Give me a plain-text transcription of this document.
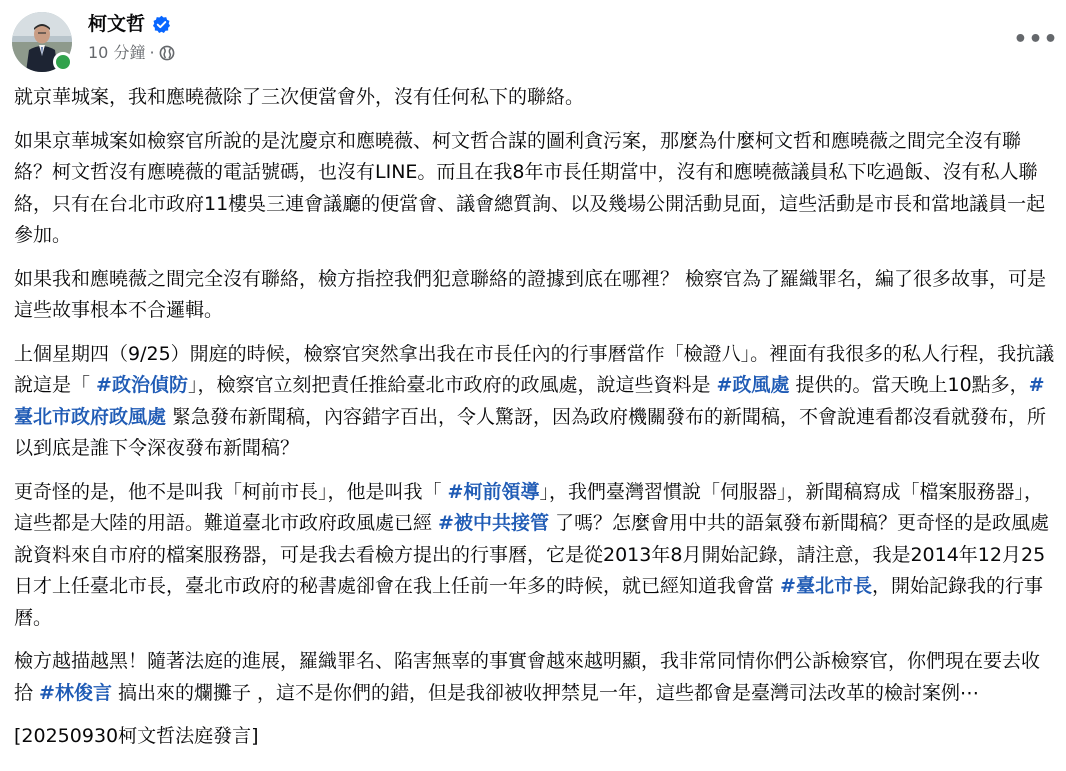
柯文哲
10 分鐘 ·
•••

就京華城案，我和應曉薇除了三次便當會外，沒有任何私下的聯絡。

如果京華城案如檢察官所說的是沈慶京和應曉薇、柯文哲合謀的圖利貪污案，那麼為什麼柯文哲和應曉薇之間完全沒有聯絡？柯文哲沒有應曉薇的電話號碼，也沒有LINE。而且在我8年市長任期當中，沒有和應曉薇議員私下吃過飯、沒有私人聯絡，只有在台北市政府11樓吳三連會議廳的便當會、議會總質詢、以及幾場公開活動見面，這些活動是市長和當地議員一起參加。

如果我和應曉薇之間完全沒有聯絡，檢方指控我們犯意聯絡的證據到底在哪裡？ 檢察官為了羅織罪名，編了很多故事，可是這些故事根本不合邏輯。

上個星期四（9/25）開庭的時候，檢察官突然拿出我在市長任內的行事曆當作「檢證八」。裡面有我很多的私人行程，我抗議說這是「 #政治偵防」，檢察官立刻把責任推給臺北市政府的政風處，說這些資料是 #政風處 提供的。當天晚上10點多，#臺北市政府政風處 緊急發布新聞稿，內容錯字百出，令人驚訝，因為政府機關發布的新聞稿，不會說連看都沒看就發布，所以到底是誰下令深夜發布新聞稿？

更奇怪的是，他不是叫我「柯前市長」，他是叫我「 #柯前領導」，我們臺灣習慣說「伺服器」，新聞稿寫成「檔案服務器」，這些都是大陸的用語。難道臺北市政府政風處已經 #被中共接管 了嗎？怎麼會用中共的語氣發布新聞稿？更奇怪的是政風處說資料來自市府的檔案服務器，可是我去看檢方提出的行事曆，它是從2013年8月開始記錄，請注意，我是2014年12月25日才上任臺北市長，臺北市政府的秘書處卻會在我上任前一年多的時候，就已經知道我會當 #臺北市長，開始記錄我的行事曆。

檢方越描越黑！隨著法庭的進展，羅織罪名、陷害無辜的事實會越來越明顯，我非常同情你們公訴檢察官，你們現在要去收拾 #林俊言 搞出來的爛攤子 ，這不是你們的錯，但是我卻被收押禁見一年，這些都會是臺灣司法改革的檢討案例⋯

[20250930柯文哲法庭發言]
